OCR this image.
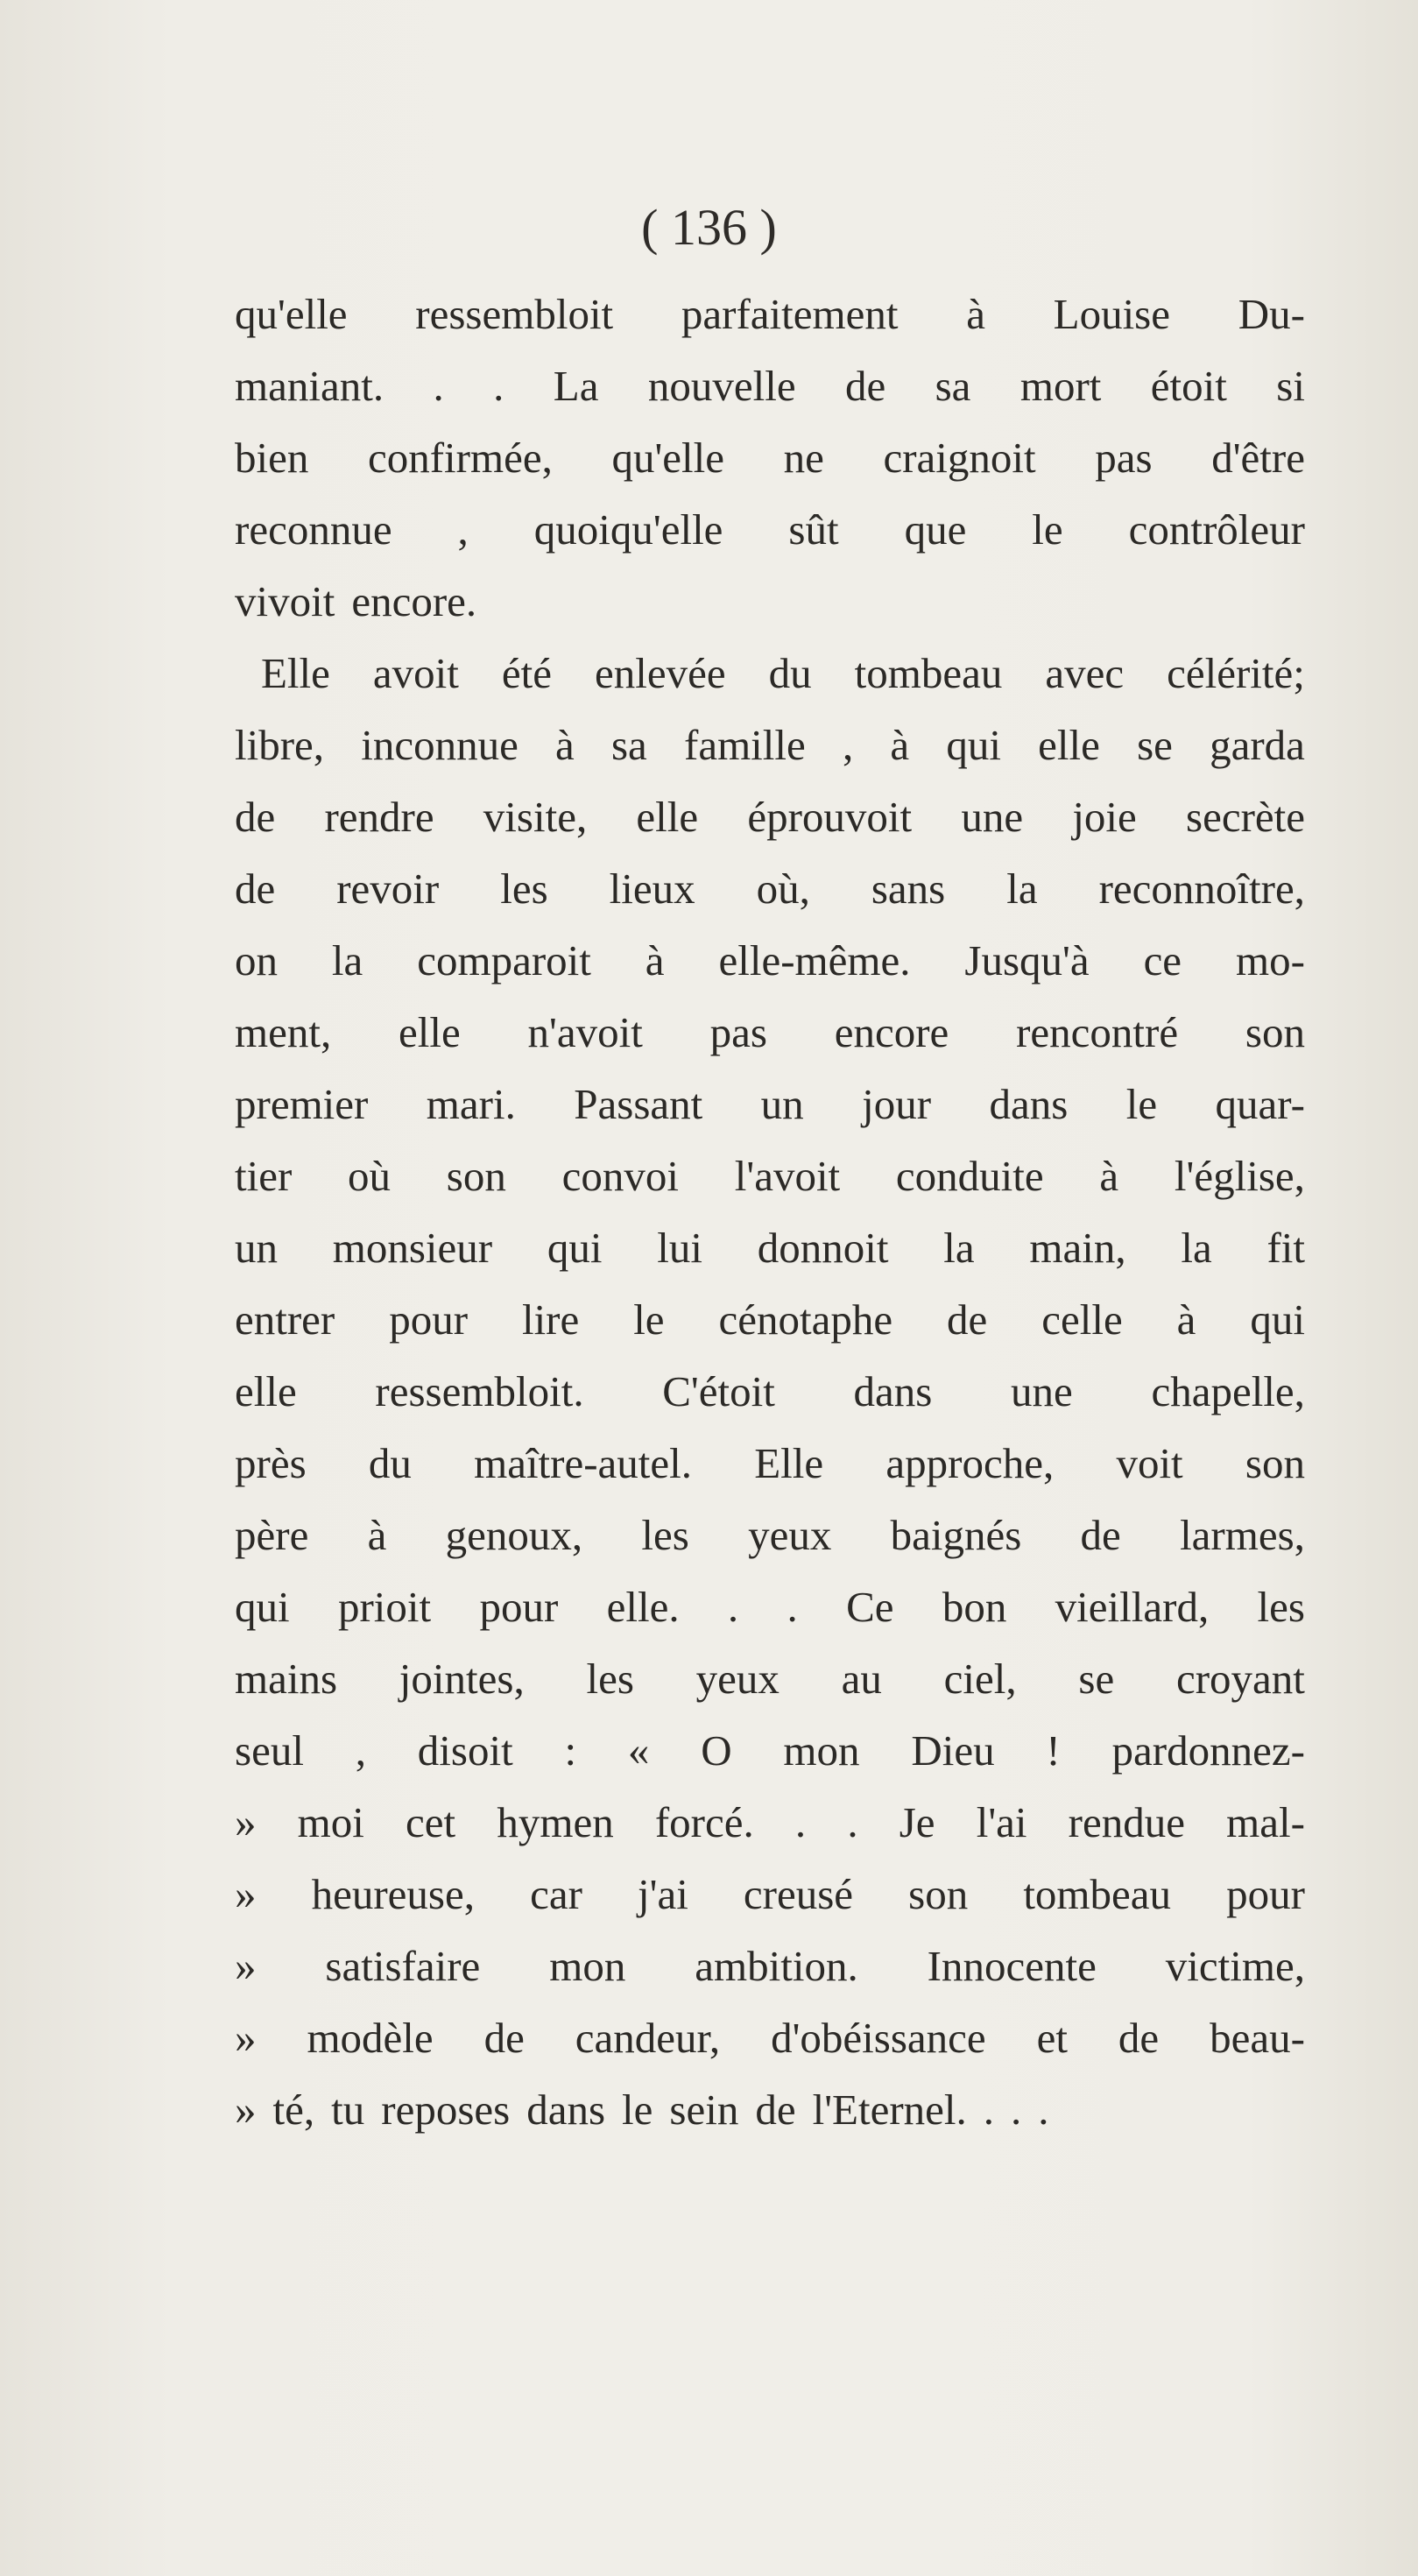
( 136 )
qu'elle ressembloit parfaitement à Louise Du-
maniant. . . La nouvelle de sa mort étoit si
bien confirmée, qu'elle ne craignoit pas d'être
reconnue , quoiqu'elle sût que le contrôleur
vivoit encore.
Elle avoit été enlevée du tombeau avec célérité;
libre, inconnue à sa famille , à qui elle se garda
de rendre visite, elle éprouvoit une joie secrète
de revoir les lieux où, sans la reconnoître,
on la comparoit à elle-même. Jusqu'à ce mo-
ment, elle n'avoit pas encore rencontré son
premier mari. Passant un jour dans le quar-
tier où son convoi l'avoit conduite à l'église,
un monsieur qui lui donnoit la main, la fit
entrer pour lire le cénotaphe de celle à qui
elle ressembloit. C'étoit dans une chapelle,
près du maître-autel. Elle approche, voit son
père à genoux, les yeux baignés de larmes,
qui prioit pour elle. . . Ce bon vieillard, les
mains jointes, les yeux au ciel, se croyant
seul , disoit : « O mon Dieu ! pardonnez-
» moi cet hymen forcé. . . Je l'ai rendue mal-
» heureuse, car j'ai creusé son tombeau pour
» satisfaire mon ambition. Innocente victime,
» modèle de candeur, d'obéissance et de beau-
» té, tu reposes dans le sein de l'Eternel. . . .
